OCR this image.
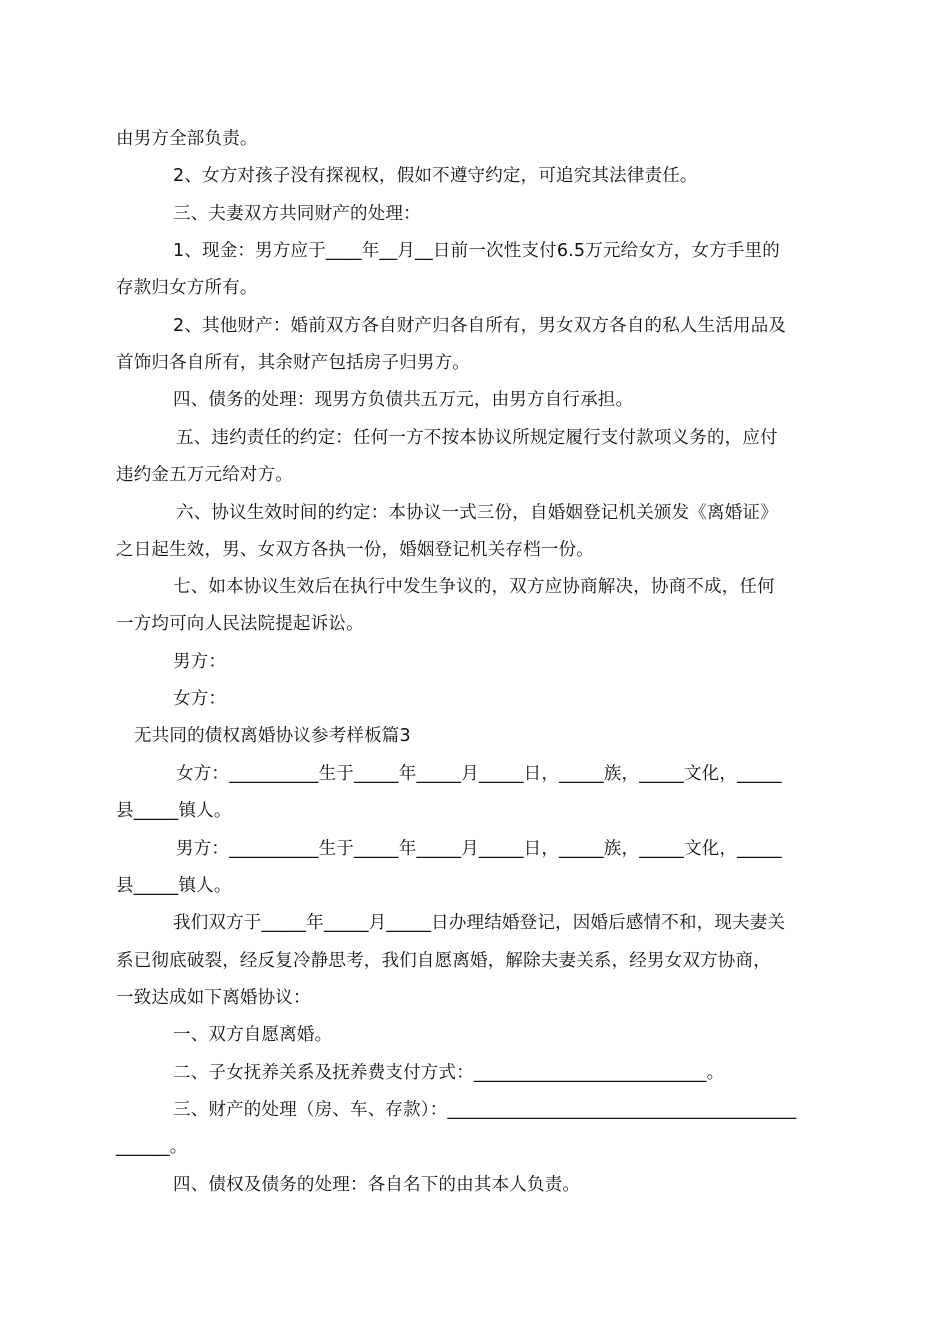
由男方全部负责。
2、女方对孩子没有探视权，假如不遵守约定，可追究其法律责任。
三、夫妻双方共同财产的处理：
1、现金：男方应于____年__月__日前一次性支付6.5万元给女方，女方手里的
存款归女方所有。
2、其他财产：婚前双方各自财产归各自所有，男女双方各自的私人生活用品及
首饰归各自所有，其余财产包括房子归男方。
四、债务的处理：现男方负债共五万元，由男方自行承担。
五、违约责任的约定：任何一方不按本协议所规定履行支付款项义务的，应付
违约金五万元给对方。
六、协议生效时间的约定：本协议一式三份，自婚姻登记机关颁发《离婚证》
之日起生效，男、女双方各执一份，婚姻登记机关存档一份。
七、如本协议生效后在执行中发生争议的，双方应协商解决，协商不成，任何
一方均可向人民法院提起诉讼。
男方：
女方：
无共同的债权离婚协议参考样板篇3
女方：__________生于_____年_____月_____日，_____族，_____文化，_____
县_____镇人。
男方：__________生于_____年_____月_____日，_____族，_____文化，_____
县_____镇人。
我们双方于_____年_____月_____日办理结婚登记，因婚后感情不和，现夫妻关
系已彻底破裂，经反复冷静思考，我们自愿离婚，解除夫妻关系，经男女双方协商，
一致达成如下离婚协议：
一、双方自愿离婚。
二、子女抚养关系及抚养费支付方式：__________________________。
三、财产的处理（房、车、存款）：_______________________________________
______。
四、债权及债务的处理：各自名下的由其本人负责。
